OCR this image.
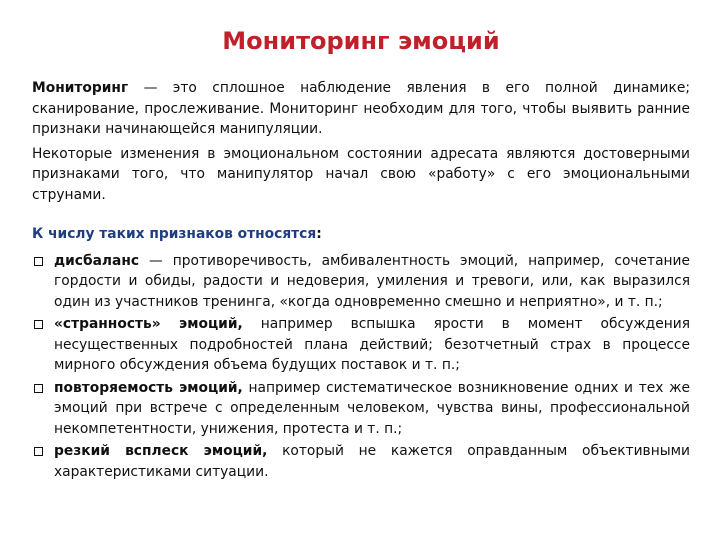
Мониторинг эмоций

Мониторинг — это сплошное наблюдение явления в его полной динамике; сканирование, прослеживание. Мониторинг необходим для того, чтобы выявить ранние признаки начинающейся манипуляции.

Некоторые изменения в эмоциональном состоянии адресата являются достоверными признаками того, что манипулятор начал свою «работу» с его эмоциональными струнами.

К числу таких признаков относятся:
дисбаланс — противоречивость, амбивалентность эмоций, например, сочетание гордости и обиды, радости и недоверия, умиления и тревоги, или, как выразился один из участников тренинга, «когда одновременно смешно и неприятно», и т. п.;
«странность» эмоций, например вспышка ярости в момент обсуждения несущественных подробностей плана действий; безотчетный страх в процессе мирного обсуждения объема будущих поставок и т. п.;
повторяемость эмоций, например систематическое возникновение одних и тех же эмоций при встрече с определенным человеком, чувства вины, профессиональной некомпетентности, унижения, протеста и т. п.;
резкий всплеск эмоций, который не кажется оправданным объективными характеристиками ситуации.
